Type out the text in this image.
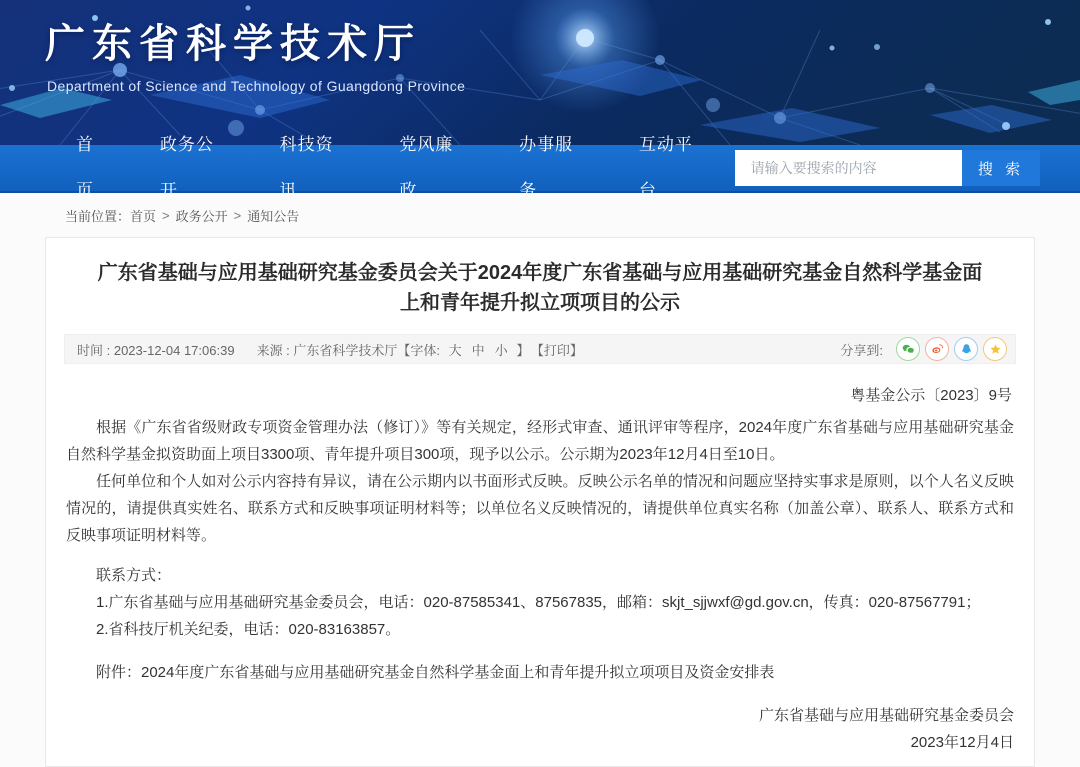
广东省科学技术厅

Department of Science and Technology of Guangdong Province

首页
政务公开
科技资讯
党风廉政
办事服务
互动平台
请输入要搜索的内容
搜 索
当前位置： 首页 > 政务公开 > 通知公告
广东省基础与应用基础研究基金委员会关于2024年度广东省基础与应用基础研究基金自然科学基金面上和青年提升拟立项项目的公示
时间 : 2023-12-04 17:06:39 来源 : 广东省科学技术厅【字体: 大 中 小 】 【打印】	分享到:
粤基金公示〔2023〕9号

根据《广东省省级财政专项资金管理办法（修订）》等有关规定，经形式审查、通讯评审等程序，2024年度广东省基础与应用基础研究基金自然科学基金拟资助面上项目3300项、青年提升项目300项，现予以公示。公示期为2023年12月4日至10日。

任何单位和个人如对公示内容持有异议，请在公示期内以书面形式反映。反映公示名单的情况和问题应坚持实事求是原则，以个人名义反映情况的，请提供真实姓名、联系方式和反映事项证明材料等；以单位名义反映情况的，请提供单位真实名称（加盖公章）、联系人、联系方式和反映事项证明材料等。

联系方式：

1.广东省基础与应用基础研究基金委员会，电话：020-87585341、87567835，邮箱：skjt_sjjwxf@gd.gov.cn，传真：020-87567791；

2.省科技厅机关纪委，电话：020-83163857。

附件：2024年度广东省基础与应用基础研究基金自然科学基金面上和青年提升拟立项项目及资金安排表

广东省基础与应用基础研究基金委员会

2023年12月4日
